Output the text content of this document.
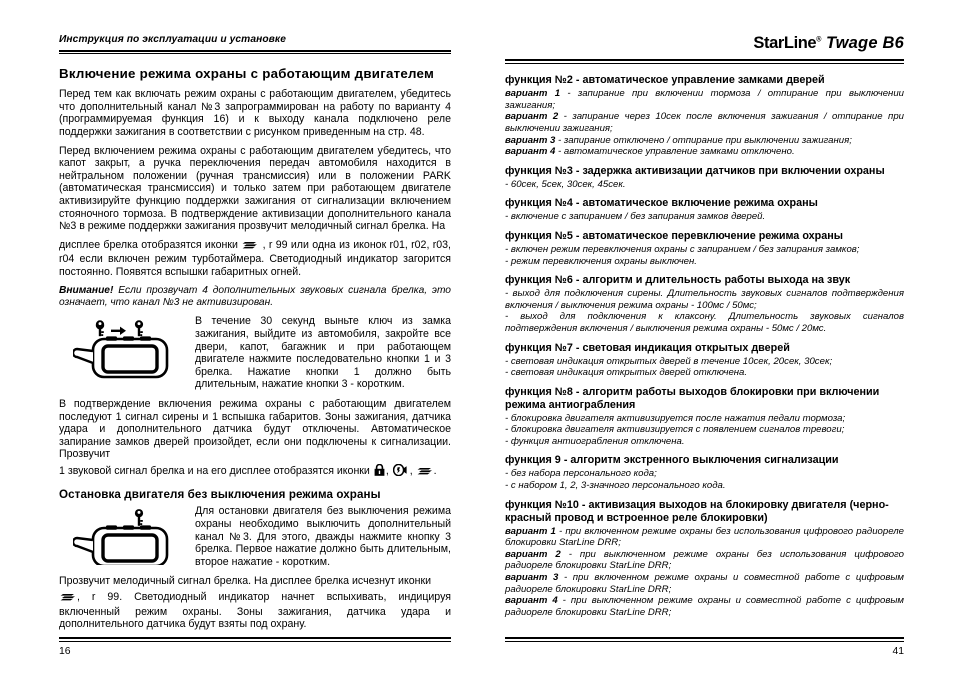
Инструкция по эксплуатации и установке
Включение режима охраны с работающим двигателем

Перед тем как включать режим охраны с работающим двигателем, убедитесь что дополнительный канал №3 запрограммирован на работу по варианту 4 (программируемая функция 16) и к выходу канала подключено реле поддержки зажигания в соответствии с рисунком приведенным на стр. 48.

Перед включением режима охраны с работающим двигателем убедитесь, что капот закрыт, а ручка переключения передач автомобиля находится в нейтральном положении (ручная трансмиссия) или в положении PARK (автоматическая трансмиссия) и только затем при работающем двигателе активизируйте функцию поддержки зажигания от сигнализации включением стояночного тормоза. В подтверждение активизации дополнительного канала №3 в режиме поддержки зажигания прозвучит мелодичный сигнал брелка. На

дисплее брелка отобразятся иконки , r 99 или одна из иконок r01, r02, r03, r04 если включен режим турботаймера. Светодиодный индикатор загорится постоянно. Появятся вспышки габаритных огней.

Внимание! Если прозвучат 4 дополнительных звуковых сигнала брелка, это означает, что канал №3 не активизирован.

В течение 30 секунд выньте ключ из замка зажигания, выйдите из автомобиля, закройте все двери, капот, багажник и при работающем двигателе нажмите последовательно кнопки 1 и 3 брелка. Нажатие кнопки 1 должно быть длительным, нажатие кнопки 3 - коротким.

В подтверждение включения режима охраны с работающим двигателем последуют 1 сигнал сирены и 1 вспышка габаритов. Зоны зажигания, датчика удара и дополнительного датчика будут отключены. Автоматическое запирание замков дверей произойдет, если они подключены к сигнализации. Прозвучит

1 звуковой сигнал брелка и на его дисплее отобразятся иконки , , .

Остановка двигателя без выключения режима охраны

Для остановки двигателя без выключения режима охраны необходимо выключить дополнительный канал №3. Для этого, дважды нажмите кнопку 3 брелка. Первое нажатие должно быть длительным, второе нажатие - коротким.

Прозвучит мелодичный сигнал брелка. На дисплее брелка исчезнут иконки

, r 99. Светодиодный индикатор начнет вспыхивать, индицируя включенный режим охраны. Зоны зажигания, датчика удара и дополнительного датчика будут взяты под охрану.

16
StarLine® Twage B6
функция №2 - автоматическое управление замками дверей

вариант 1 - запирание при включении тормоза / отпирание при выключении зажигания;

вариант 2 - запирание через 10сек после включения зажигания / отпирание при выключении зажигания;

вариант 3 - запирание отключено / отпирание при выключении зажигания;

вариант 4 - автоматическое управление замками отключено.

функция №3 - задержка активизации датчиков при включении охраны

- 60сек, 5сек, 30сек, 45сек.

функция №4 - автоматическое включение режима охраны

- включение с запиранием / без запирания замков дверей.

функция №5 - автоматическое перевключение режима охраны

- включен режим перевключения охраны с запиранием / без запирания замков;

- режим перевключения охраны выключен.

функция №6 - алгоритм и длительность работы выхода на звук

- выход для подключения сирены. Длительность звуковых сигналов подтверждения включения / выключения режима охраны - 100мс / 50мс;

- выход для подключения к клаксону. Длительность звуковых сигналов подтверждения включения / выключения режима охраны - 50мс / 20мс.

функция №7 - световая индикация открытых дверей

- световая индикация открытых дверей в течение 10сек, 20сек, 30сек;

- световая индикация открытых дверей отключена.

функция №8 - алгоритм работы выходов блокировки при включении режима антиограбления

- блокировка двигателя активизируется после нажатия педали тормоза;

- блокировка двигателя активизируется с появлением сигналов тревоги;

- функция антиограбления отключена.

функция 9 - алгоритм экстренного выключения сигнализации

- без набора персонального кода;

- с набором 1, 2, 3-значного персонального кода.

функция №10 - активизация выходов на блокировку двигателя (черно-красный провод и встроенное реле блокировки)

вариант 1 - при включенном режиме охраны без использования цифрового радиореле блокировки StarLine DRR;

вариант 2 - при выключенном режиме охраны без использования цифрового радиореле блокировки StarLine DRR;

вариант 3 - при включенном режиме охраны и совместной работе с цифровым радиореле блокировки StarLine DRR;

вариант 4 - при выключенном режиме охраны и совместной работе с цифровым радиореле блокировки StarLine DRR;

41
